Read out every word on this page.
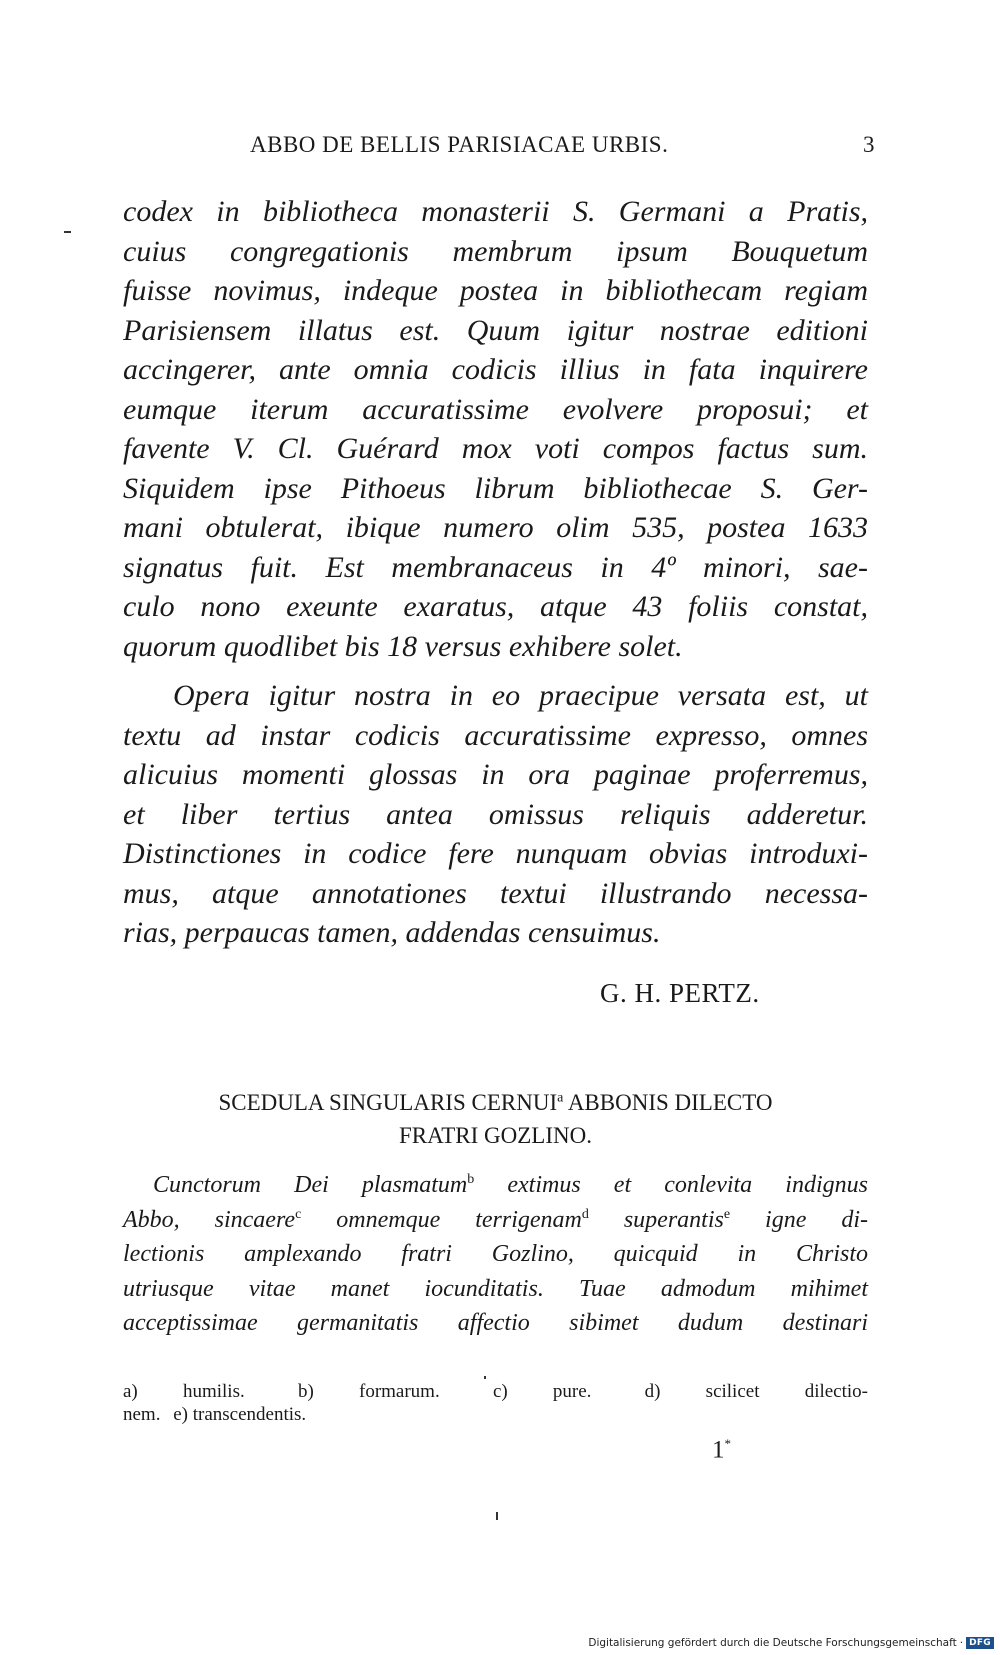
ABBO DE BELLIS PARISIACAE URBIS.	3

codex in bibliotheca monasterii S. Germani a Pratis,
cuius congregationis membrum ipsum Bouquetum
fuisse novimus, indeque postea in bibliothecam regiam
Parisiensem illatus est. Quum igitur nostrae editioni
accingerer, ante omnia codicis illius in fata inquirere
eumque iterum accuratissime evolvere proposui; et
favente V. Cl. Guérard mox voti compos factus sum.
Siquidem ipse Pithoeus librum bibliothecae S. Ger-
mani obtulerat, ibique numero olim 535, postea 1633
signatus fuit. Est membranaceus in 4º minori, sae-
culo nono exeunte exaratus, atque 43 foliis constat,
quorum quodlibet bis 18 versus exhibere solet.

Opera igitur nostra in eo praecipue versata est, ut
textu ad instar codicis accuratissime expresso, omnes
alicuius momenti glossas in ora paginae proferremus,
et liber tertius antea omissus reliquis adderetur.
Distinctiones in codice fere nunquam obvias introduxi-
mus, atque annotationes textui illustrando necessa-
rias, perpaucas tamen, addendas censuimus.

G. H. PERTZ.
SCEDULA SINGULARIS CERNUI$^a$ ABBONIS DILECTO
FRATRI GOZLINO.

Cunctorum Dei plasmatum$^b$ extimus et conlevita indignus
Abbo, sincaere$^c$ omnemque terrigenam$^d$ superantis$^e$ igne di-
lectionis amplexando fratri Gozlino, quicquid in Christo
utriusque vitae manet iocunditatis. Tuae admodum mihimet
acceptissimae germanitatis affectio sibimet dudum destinari

a) humilis.	b) formarum.	c) pure.	d) scilicet dilectio-
nem. e) transcendentis.
1*
Digitalisierung gefördert durch die Deutsche Forschungsgemeinschaft · DFG
